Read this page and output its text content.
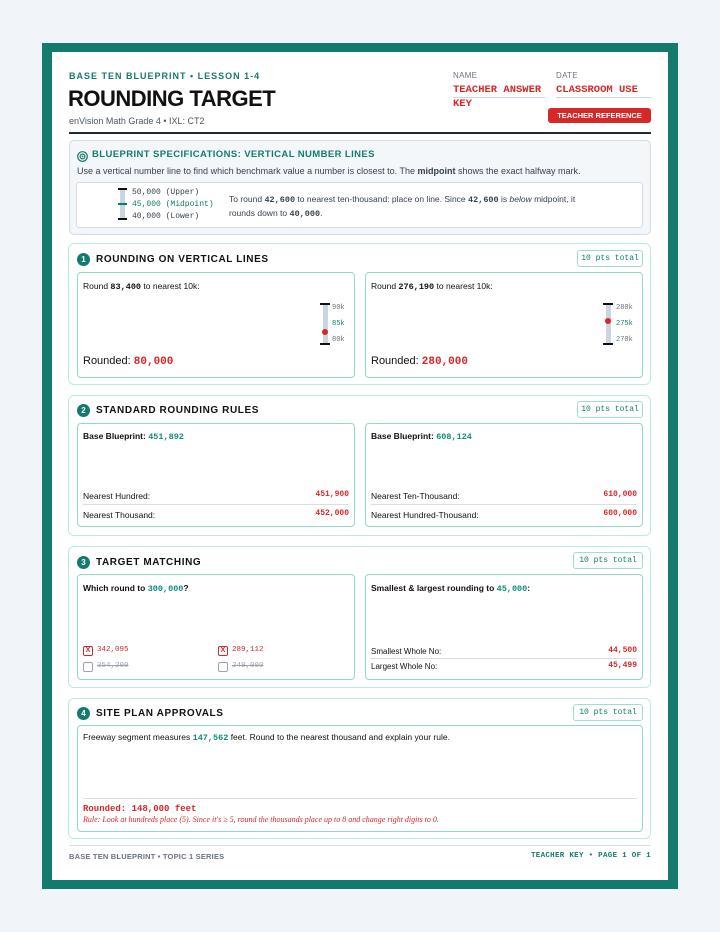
BASE TEN BLUEPRINT • LESSON 1-4
ROUNDING TARGET
enVision Math Grade 4 • IXL: CT2
NAME
TEACHER ANSWER
KEY
DATE
CLASSROOM USE
TEACHER REFERENCE
BLUEPRINT SPECIFICATIONS: VERTICAL NUMBER LINES
Use a vertical number line to find which benchmark value a number is closest to. The midpoint shows the exact halfway mark.
50,000 (Upper)
45,000 (Midpoint)
40,000 (Lower)
To round 42,600 to nearest ten-thousand: place on line. Since 42,600 is below midpoint, it
rounds down to 40,000.
1	ROUNDING ON VERTICAL LINES	10 pts total
Round 83,400 to nearest 10k:
90k
85k
80k
Rounded: 80,000
Round 276,190 to nearest 10k:
280k
275k
270k
Rounded: 280,000
2	STANDARD ROUNDING RULES	10 pts total
Base Blueprint: 451,892
Nearest Hundred:	451,900
Nearest Thousand:	452,000
Base Blueprint: 608,124
Nearest Ten-Thousand:	610,000
Nearest Hundred-Thousand:	600,000
3	TARGET MATCHING	10 pts total
Which round to 300,000?
X 342,095	X 289,112
354,200	249,000
Smallest & largest rounding to 45,000:
Smallest Whole No:	44,500
Largest Whole No:	45,499
4	SITE PLAN APPROVALS	10 pts total
Freeway segment measures 147,562 feet. Round to the nearest thousand and explain your rule.
Rounded: 148,000 feet
Rule: Look at hundreds place (5). Since it's ≥ 5, round the thousands place up to 8 and change right digits to 0.
BASE TEN BLUEPRINT • TOPIC 1 SERIES	TEACHER KEY • PAGE 1 OF 1
